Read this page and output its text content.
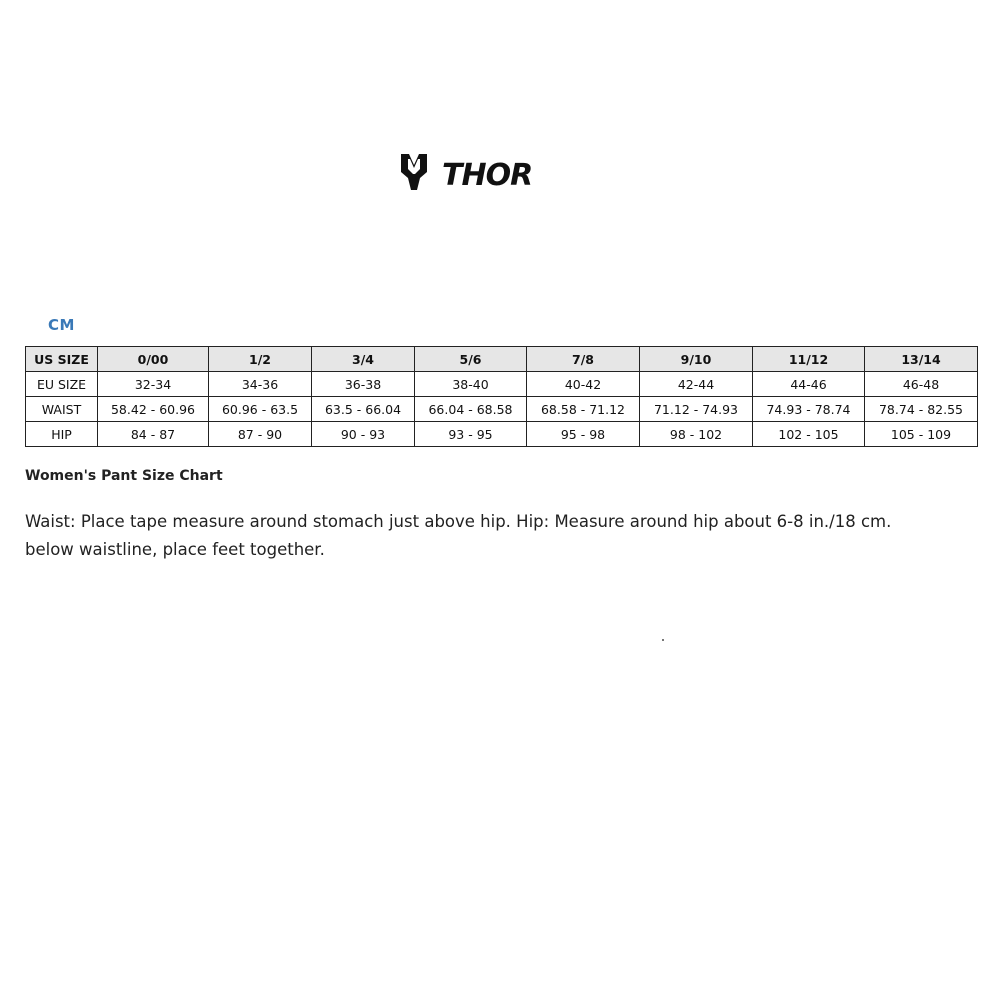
THOR
CM
US SIZE	0/00	1/2	3/4	5/6	7/8	9/10	11/12	13/14
EU SIZE	32-34	34-36	36-38	38-40	40-42	42-44	44-46	46-48
WAIST	58.42 - 60.96	60.96 - 63.5	63.5 - 66.04	66.04 - 68.58	68.58 - 71.12	71.12 - 74.93	74.93 - 78.74	78.74 - 82.55
HIP	84 - 87	87 - 90	90 - 93	93 - 95	95 - 98	98 - 102	102 - 105	105 - 109
Women's Pant Size Chart
Waist: Place tape measure around stomach just above hip. Hip: Measure around hip about 6-8 in./18 cm. below waistline, place feet together.
